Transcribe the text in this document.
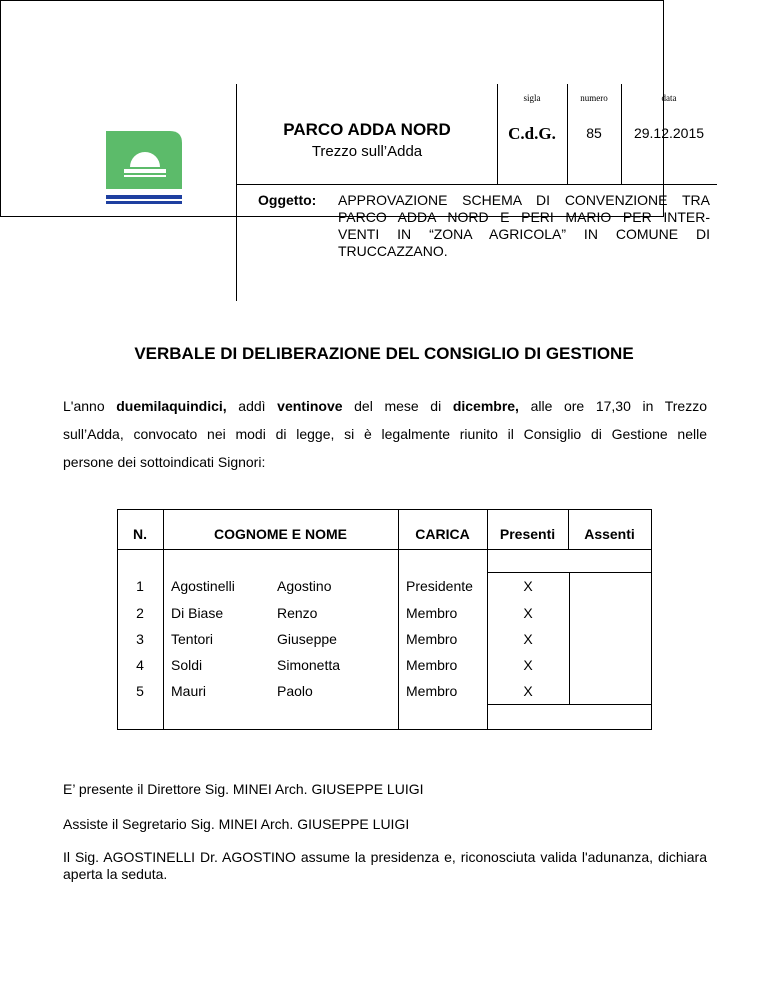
sigla	numero	data
PARCO ADDA NORD
Trezzo sull’Adda
C.d.G.	85	29.12.2015
Oggetto: APPROVAZIONE SCHEMA DI CONVENZIONE TRA
PARCO ADDA NORD E PERI MARIO PER INTER-
VENTI IN “ZONA AGRICOLA” IN COMUNE DI
TRUCCAZZANO.
VERBALE DI DELIBERAZIONE DEL CONSIGLIO DI GESTIONE
L'anno duemilaquindici, addì ventinove del mese di dicembre, alle ore 17,30 in Trezzo
sull’Adda, convocato nei modi di legge, si è legalmente riunito il Consiglio di Gestione nelle
persone dei sottoindicati Signori:
N.	COGNOME E NOME	CARICA	Presenti	Assenti
1	Agostinelli	Agostino	Presidente	X
2	Di Biase	Renzo	Membro	X
3	Tentori	Giuseppe	Membro	X
4	Soldi	Simonetta	Membro	X
5	Mauri	Paolo	Membro	X
E’ presente il Direttore Sig. MINEI Arch. GIUSEPPE LUIGI
Assiste il Segretario Sig. MINEI Arch. GIUSEPPE LUIGI
Il Sig. AGOSTINELLI Dr. AGOSTINO assume la presidenza e, riconosciuta valida l'adunanza, dichiara aperta la seduta.
